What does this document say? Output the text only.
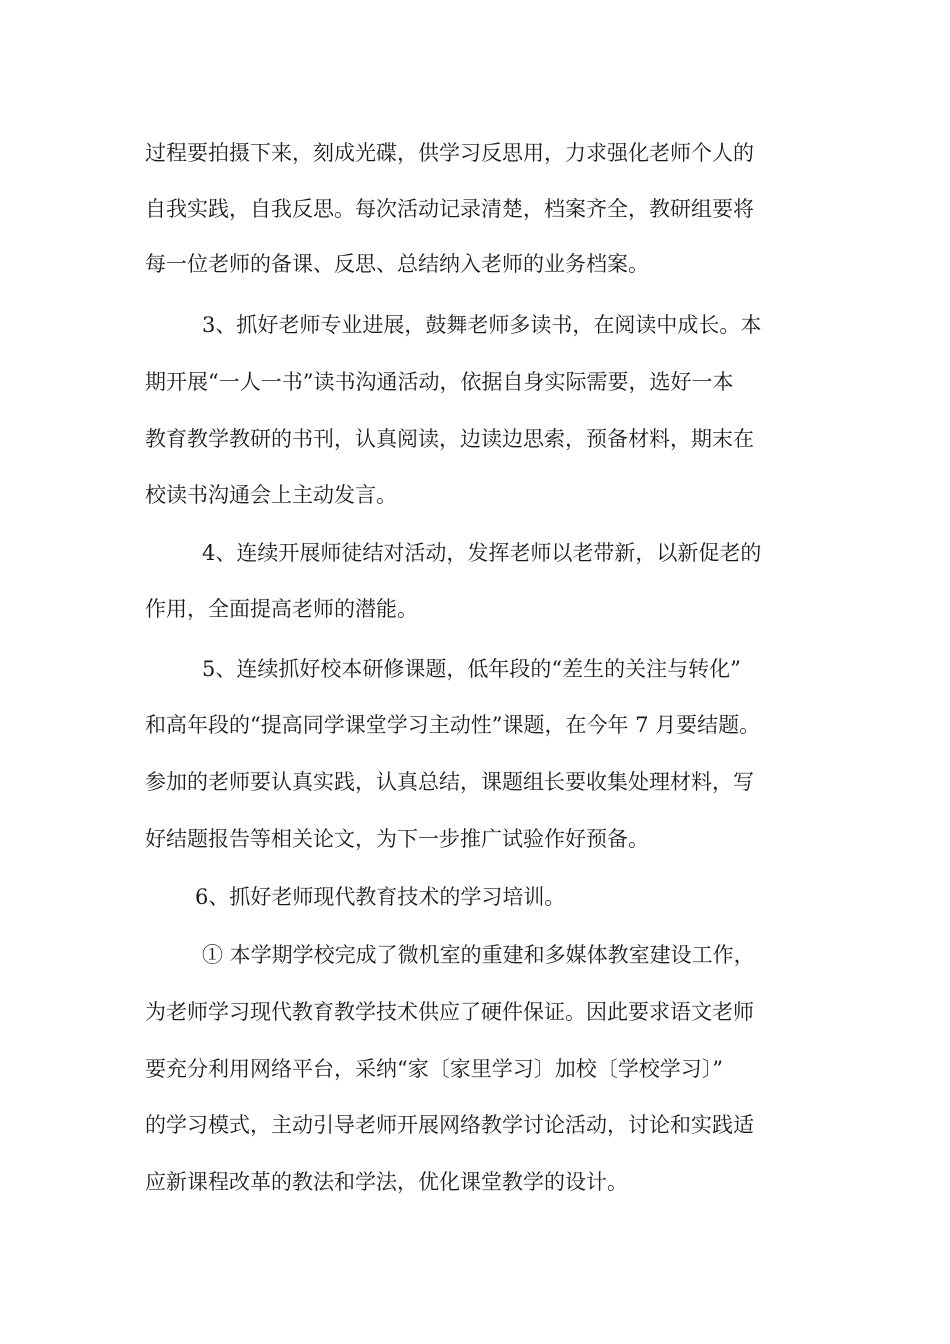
过程要拍摄下来，刻成光碟，供学习反思用，力求强化老师个人的
自我实践，自我反思。每次活动记录清楚，档案齐全，教研组要将
每一位老师的备课、反思、总结纳入老师的业务档案。
3、抓好老师专业进展，鼓舞老师多读书，在阅读中成长。本
期开展“一人一书”读书沟通活动，依据自身实际需要，选好一本
教育教学教研的书刊，认真阅读，边读边思索，预备材料，期末在
校读书沟通会上主动发言。
4、连续开展师徒结对活动，发挥老师以老带新，以新促老的
作用，全面提高老师的潜能。
5、连续抓好校本研修课题，低年段的“差生的关注与转化”
和高年段的“提高同学课堂学习主动性”课题，在今年 7 月要结题。
参加的老师要认真实践，认真总结，课题组长要收集处理材料，写
好结题报告等相关论文，为下一步推广试验作好预备。
6、抓好老师现代教育技术的学习培训。
① 本学期学校完成了微机室的重建和多媒体教室建设工作，
为老师学习现代教育教学技术供应了硬件保证。因此要求语文老师
要充分利用网络平台，采纳“家〔家里学习〕加校〔学校学习〕”
的学习模式，主动引导老师开展网络教学讨论活动，讨论和实践适
应新课程改革的教法和学法，优化课堂教学的设计。
